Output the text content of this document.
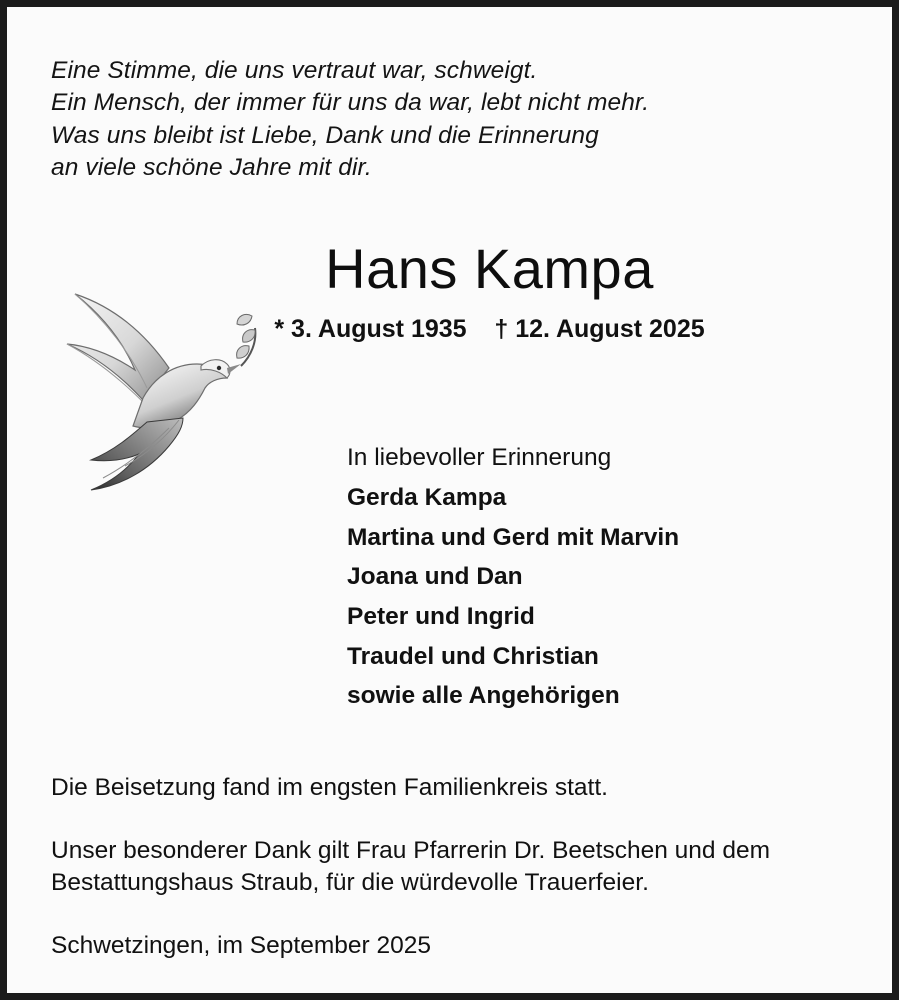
Eine Stimme, die uns vertraut war, schweigt.
Ein Mensch, der immer für uns da war, lebt nicht mehr.
Was uns bleibt ist Liebe, Dank und die Erinnerung
an viele schöne Jahre mit dir.
Hans Kampa
* 3. August 1935    † 12. August 2025
In liebevoller Erinnerung
Gerda Kampa
Martina und Gerd mit Marvin
Joana und Dan
Peter und Ingrid
Traudel und Christian
sowie alle Angehörigen

Die Beisetzung fand im engsten Familienkreis statt.

Unser besonderer Dank gilt Frau Pfarrerin Dr. Beetschen und dem Bestattungshaus Straub, für die würdevolle Trauerfeier.

Schwetzingen, im September 2025
